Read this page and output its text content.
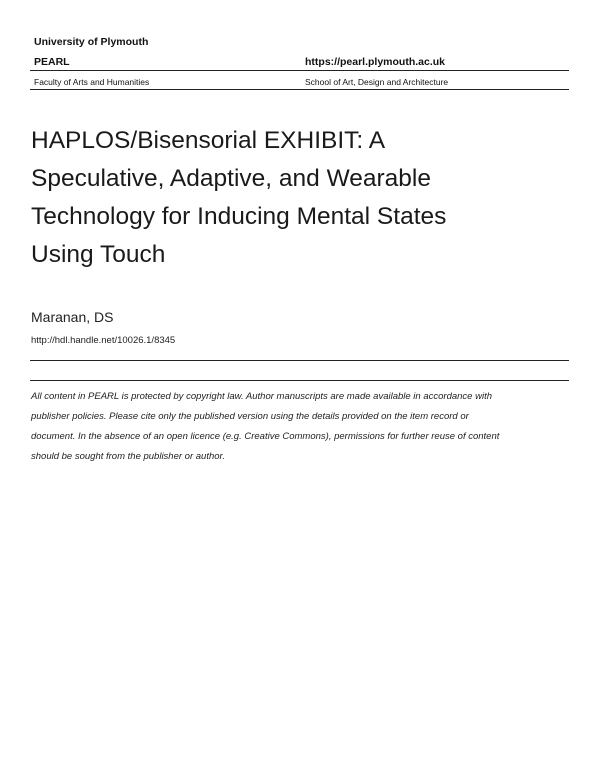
University of Plymouth
PEARL	https://pearl.plymouth.ac.uk
Faculty of Arts and Humanities	School of Art, Design and Architecture
HAPLOS/Bisensorial EXHIBIT: A
Speculative, Adaptive, and Wearable
Technology for Inducing Mental States
Using Touch
Maranan, DS
http://hdl.handle.net/10026.1/8345
All content in PEARL is protected by copyright law. Author manuscripts are made available in accordance with
publisher policies. Please cite only the published version using the details provided on the item record or
document. In the absence of an open licence (e.g. Creative Commons), permissions for further reuse of content
should be sought from the publisher or author.
